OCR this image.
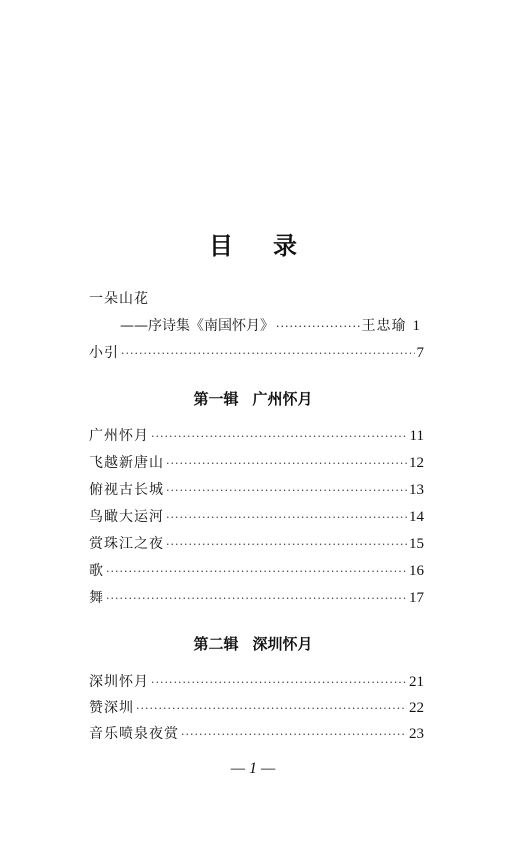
目 录
一朵山花
——序诗集《南国怀月》 ·····	王忠瑜 1
小引 ·····	7
第一辑 广州怀月
广州怀月 ·····	11
飞越新唐山 ·····	12
俯视古长城 ·····	13
鸟瞰大运河 ·····	14
赏珠江之夜 ·····	15
歌 ·····	16
舞 ·····	17
第二辑 深圳怀月
深圳怀月 ·····	21
赞深圳 ·····	22
音乐喷泉夜赏 ·····	23
— 1 —
